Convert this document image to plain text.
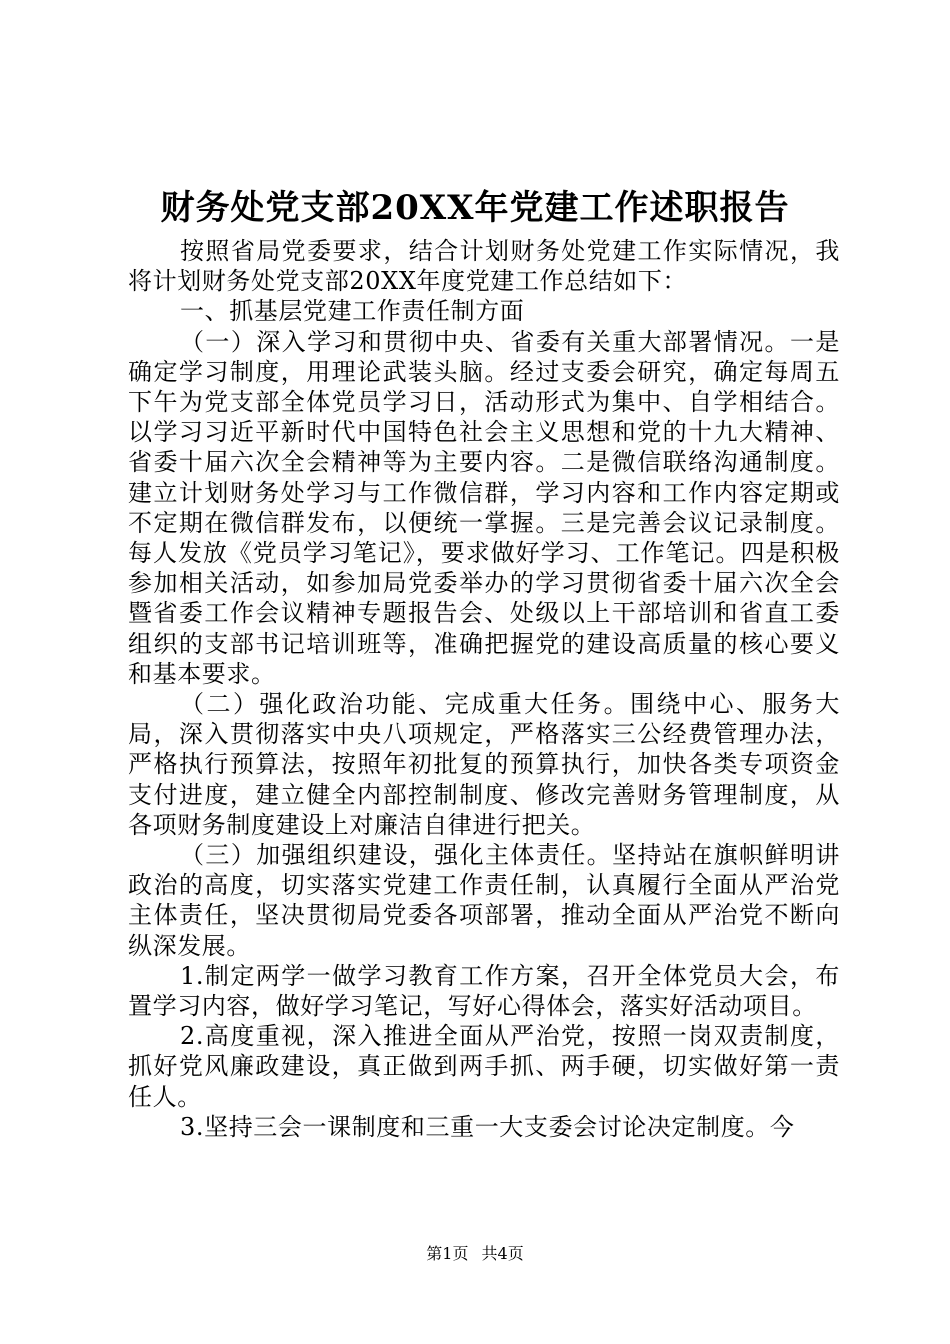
财务处党支部20XX年党建工作述职报告

按照省局党委要求，结合计划财务处党建工作实际情况，我将计划财务处党支部20XX年度党建工作总结如下：

一、抓基层党建工作责任制方面

（一）深入学习和贯彻中央、省委有关重大部署情况。一是确定学习制度，用理论武装头脑。经过支委会研究，确定每周五下午为党支部全体党员学习日，活动形式为集中、自学相结合。以学习习近平新时代中国特色社会主义思想和党的十九大精神、省委十届六次全会精神等为主要内容。二是微信联络沟通制度。建立计划财务处学习与工作微信群，学习内容和工作内容定期或不定期在微信群发布，以便统一掌握。三是完善会议记录制度。每人发放《党员学习笔记》，要求做好学习、工作笔记。四是积极参加相关活动，如参加局党委举办的学习贯彻省委十届六次全会暨省委工作会议精神专题报告会、处级以上干部培训和省直工委组织的支部书记培训班等，准确把握党的建设高质量的核心要义和基本要求。

（二）强化政治功能、完成重大任务。围绕中心、服务大局，深入贯彻落实中央八项规定，严格落实三公经费管理办法，严格执行预算法，按照年初批复的预算执行，加快各类专项资金支付进度，建立健全内部控制制度、修改完善财务管理制度，从各项财务制度建设上对廉洁自律进行把关。

（三）加强组织建设，强化主体责任。坚持站在旗帜鲜明讲政治的高度，切实落实党建工作责任制，认真履行全面从严治党主体责任，坚决贯彻局党委各项部署，推动全面从严治党不断向纵深发展。

1.制定两学一做学习教育工作方案，召开全体党员大会，布置学习内容，做好学习笔记，写好心得体会，落实好活动项目。

2.高度重视，深入推进全面从严治党，按照一岗双责制度，抓好党风廉政建设，真正做到两手抓、两手硬，切实做好第一责任人。

3.坚持三会一课制度和三重一大支委会讨论决定制度。今

第1页 共4页
